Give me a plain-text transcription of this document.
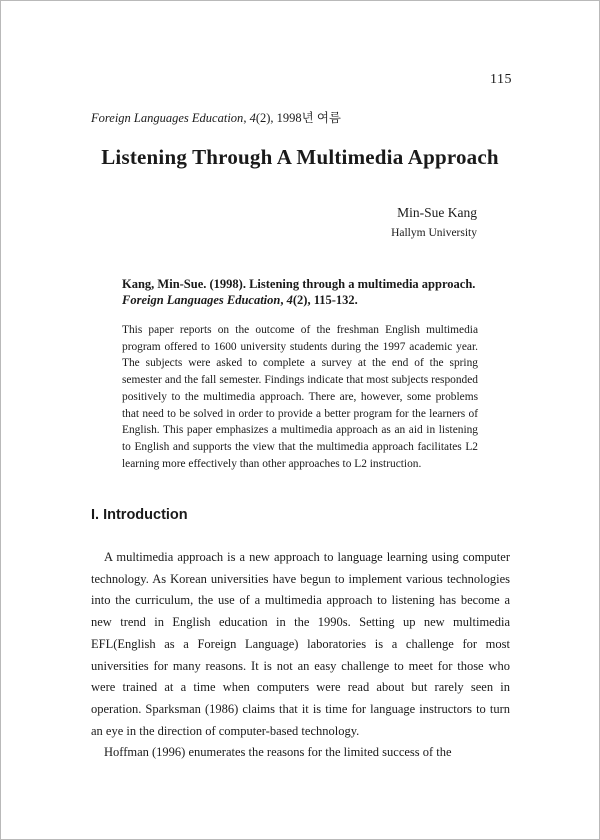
115
Foreign Languages Education, 4(2), 1998년 여름
Listening Through A Multimedia Approach
Min-Sue Kang
Hallym University
Kang, Min-Sue. (1998). Listening through a multimedia approach.
Foreign Languages Education, 4(2), 115-132.
This paper reports on the outcome of the freshman English multimedia program offered to 1600 university students during the 1997 academic year. The subjects were asked to complete a survey at the end of the spring semester and the fall semester. Findings indicate that most subjects responded positively to the multimedia approach. There are, however, some problems that need to be solved in order to provide a better program for the learners of English. This paper emphasizes a multimedia approach as an aid in listening to English and supports the view that the multimedia approach facilitates L2 learning more effectively than other approaches to L2 instruction.
I. Introduction

A multimedia approach is a new approach to language learning using computer technology. As Korean universities have begun to implement various technologies into the curriculum, the use of a multimedia approach to listening has become a new trend in English education in the 1990s. Setting up new multimedia EFL(English as a Foreign Language) laboratories is a challenge for most universities for many reasons. It is not an easy challenge to meet for those who were trained at a time when computers were read about but rarely seen in operation. Sparksman (1986) claims that it is time for language instructors to turn an eye in the direction of computer-based technology.

Hoffman (1996) enumerates the reasons for the limited success of the
